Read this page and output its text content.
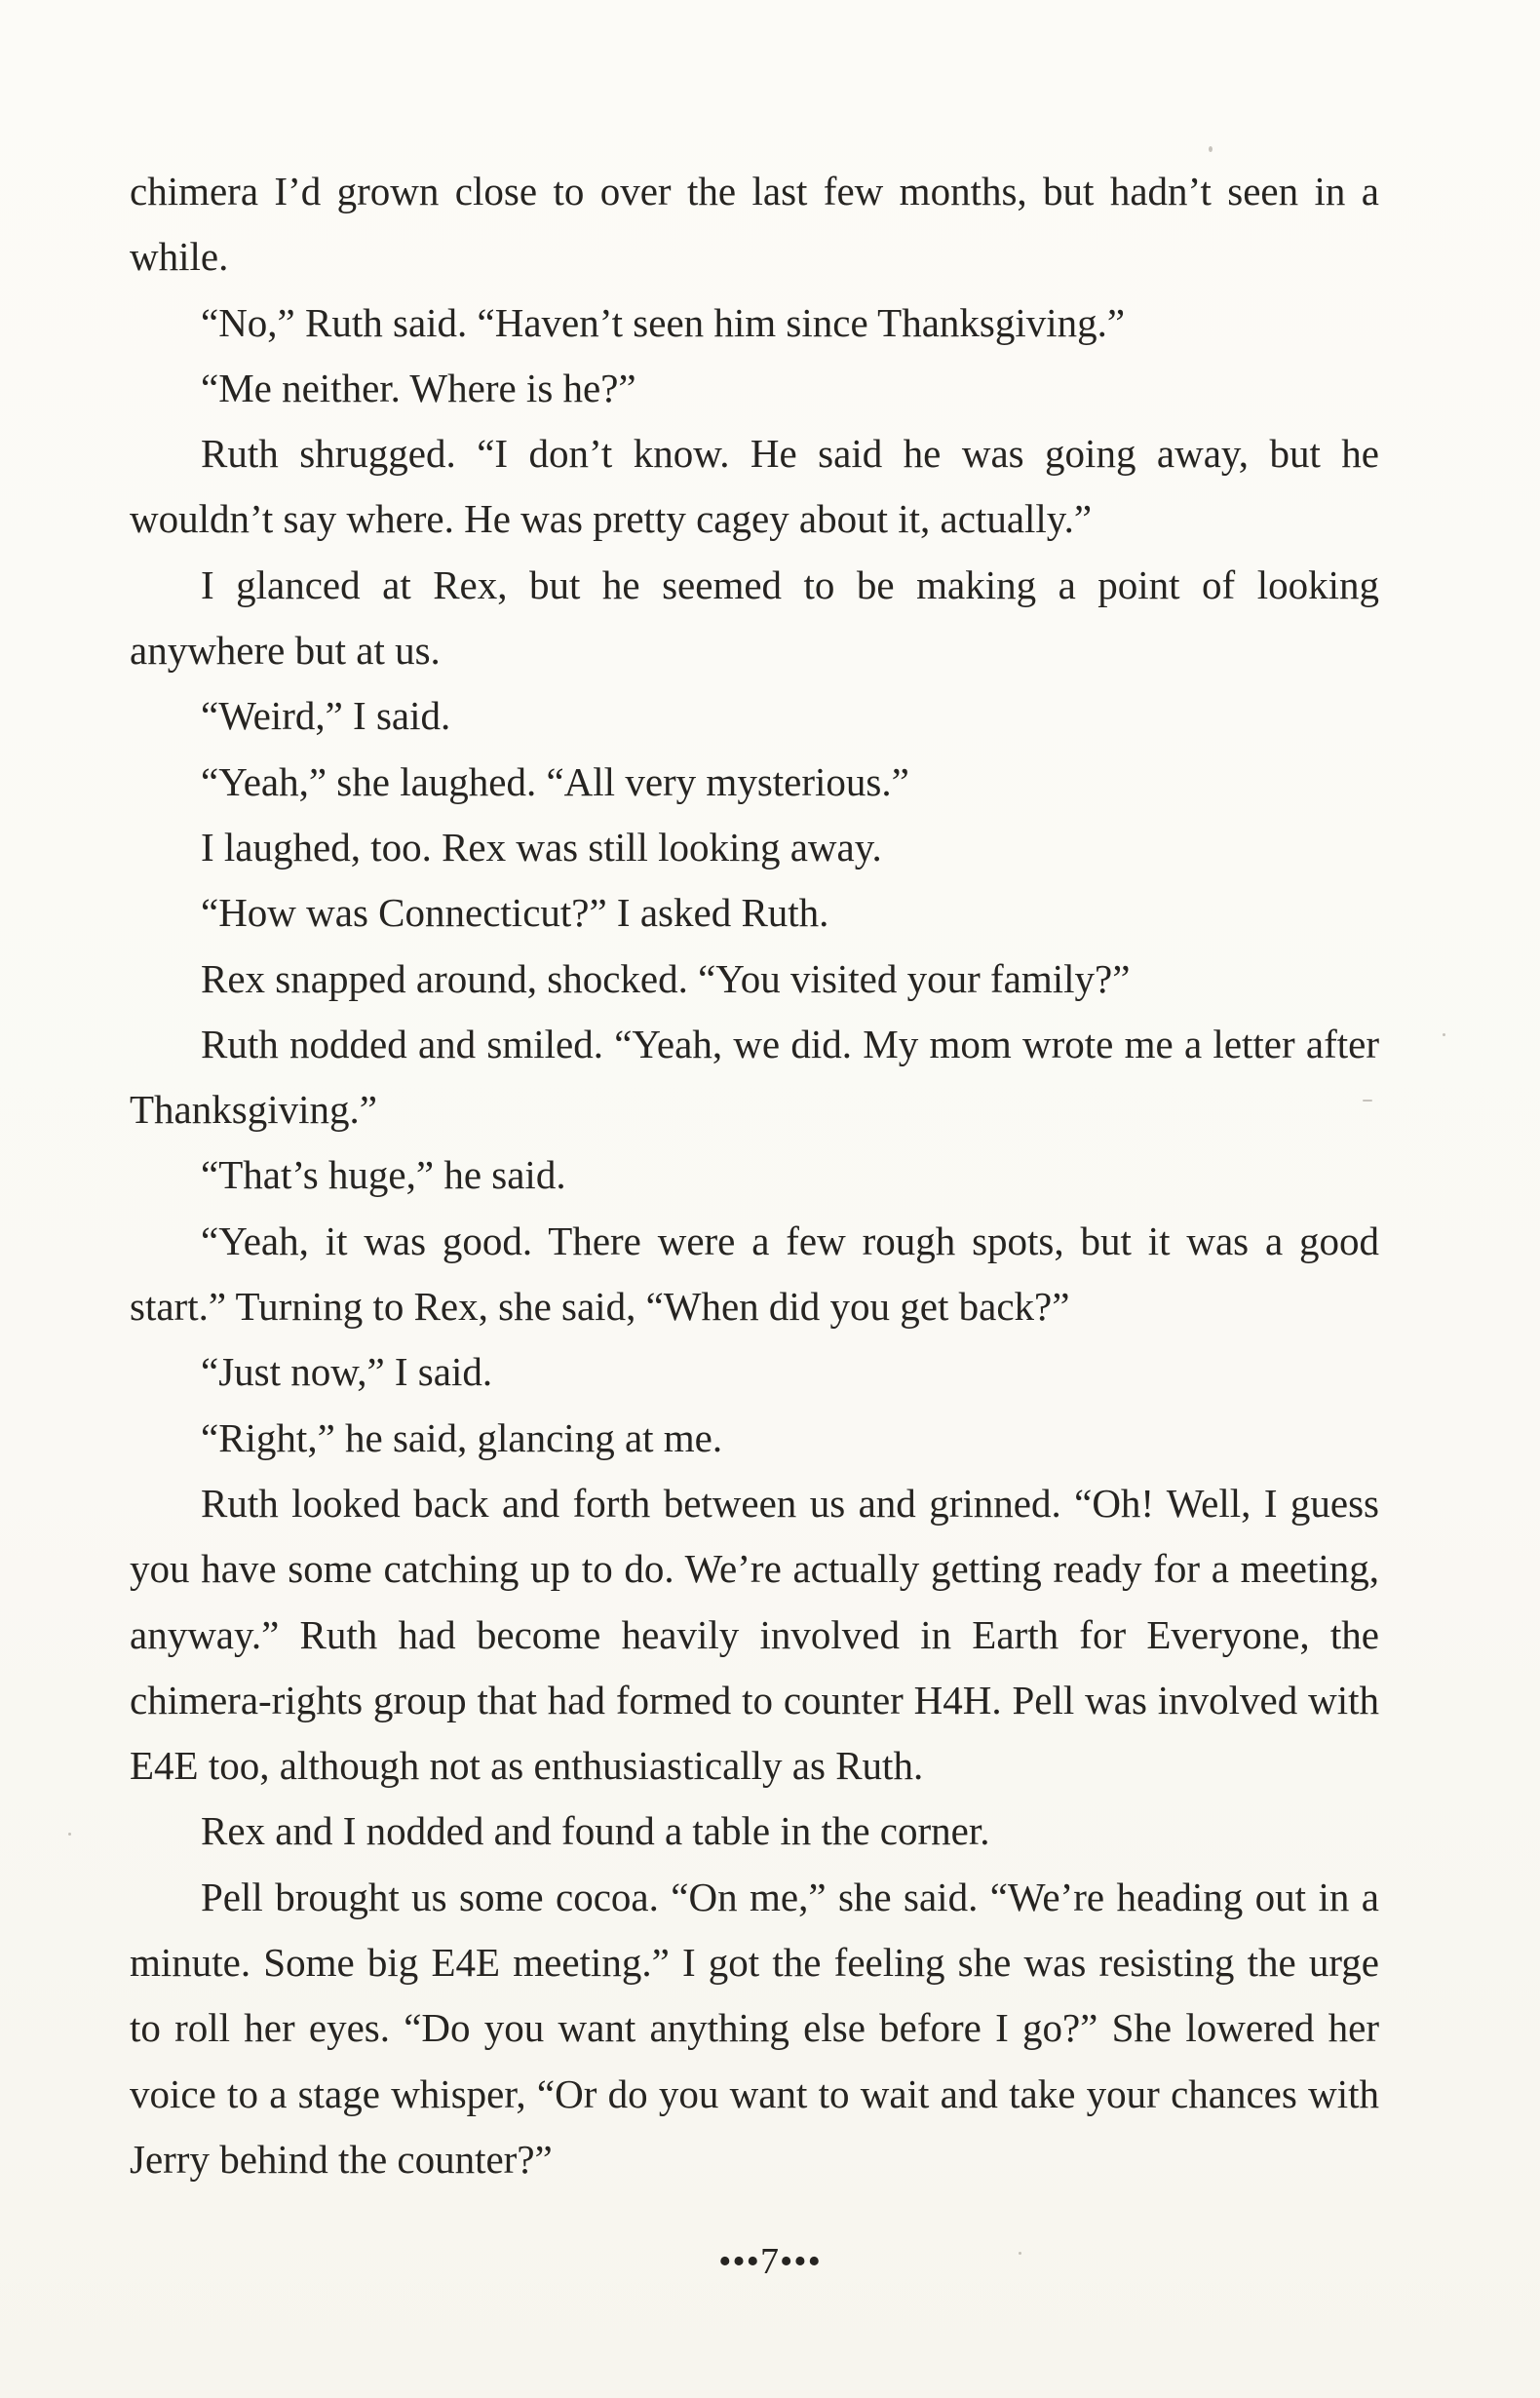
chimera I’d grown close to over the last few months, but hadn’t seen in a while.

“No,” Ruth said. “Haven’t seen him since Thanksgiving.”

“Me neither. Where is he?”

Ruth shrugged. “I don’t know. He said he was going away, but he wouldn’t say where. He was pretty cagey about it, actually.”

I glanced at Rex, but he seemed to be making a point of looking anywhere but at us.

“Weird,” I said.

“Yeah,” she laughed. “All very mysterious.”

I laughed, too. Rex was still looking away.

“How was Connecticut?” I asked Ruth.

Rex snapped around, shocked. “You visited your family?”

Ruth nodded and smiled. “Yeah, we did. My mom wrote me a letter after Thanksgiving.”

“That’s huge,” he said.

“Yeah, it was good. There were a few rough spots, but it was a good start.” Turning to Rex, she said, “When did you get back?”

“Just now,” I said.

“Right,” he said, glancing at me.

Ruth looked back and forth between us and grinned. “Oh! Well, I guess you have some catching up to do. We’re actually getting ready for a meeting, anyway.” Ruth had become heavily involved in Earth for Everyone, the chimera-rights group that had formed to counter H4H. Pell was involved with E4E too, although not as enthusiastically as Ruth.

Rex and I nodded and found a table in the corner.

Pell brought us some cocoa. “On me,” she said. “We’re heading out in a minute. Some big E4E meeting.” I got the feeling she was resisting the urge to roll her eyes. “Do you want anything else before I go?” She lowered her voice to a stage whisper, “Or do you want to wait and take your chances with Jerry behind the counter?”

•••7•••
